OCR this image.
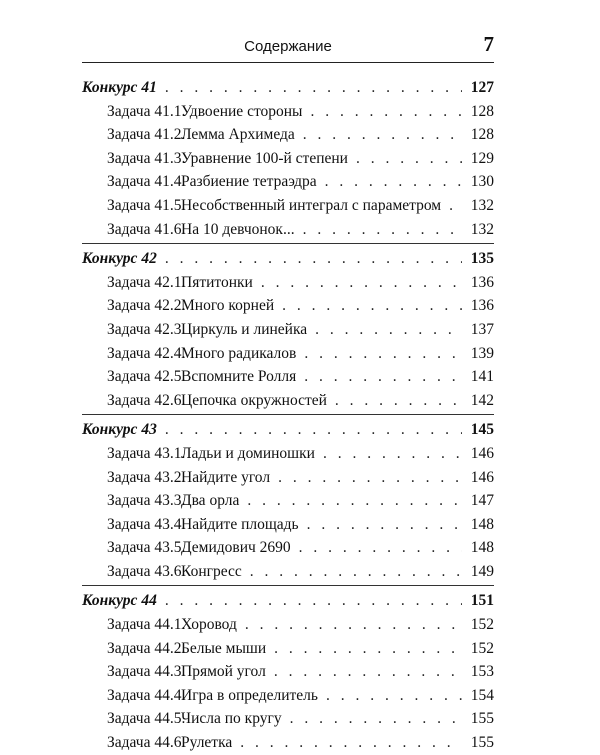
Содержание	7
Конкурс 41 . . .	127
Задача 41.1.Удвоение стороны . . .	128
Задача 41.2.Лемма Архимеда . . .	128
Задача 41.3.Уравнение 100-й степени . . .	129
Задача 41.4.Разбиение тетраэдра . . .	130
Задача 41.5.Несобственный интеграл с параметром . . . 132
Задача 41.6.На 10 девчонок... . . .	132
Конкурс 42 . . .	135
Задача 42.1.Пятитонки . . .	136
Задача 42.2.Много корней . . .	136
Задача 42.3.Циркуль и линейка . . .	137
Задача 42.4.Много радикалов . . .	139
Задача 42.5.Вспомните Ролля . . .	141
Задача 42.6.Цепочка окружностей . . .	142
Конкурс 43 . . .	145
Задача 43.1.Ладьи и доминошки . . .	146
Задача 43.2.Найдите угол . . .	146
Задача 43.3.Два орла . . .	147
Задача 43.4.Найдите площадь . . .	148
Задача 43.5.Демидович 2690 . . .	148
Задача 43.6.Конгресс . . .	149
Конкурс 44 . . .	151
Задача 44.1.Хоровод . . .	152
Задача 44.2.Белые мыши . . .	152
Задача 44.3.Прямой угол . . .	153
Задача 44.4.Игра в определитель . . .	154
Задача 44.5.Числа по кругу . . .	155
Задача 44.6.Рулетка . . .	155
